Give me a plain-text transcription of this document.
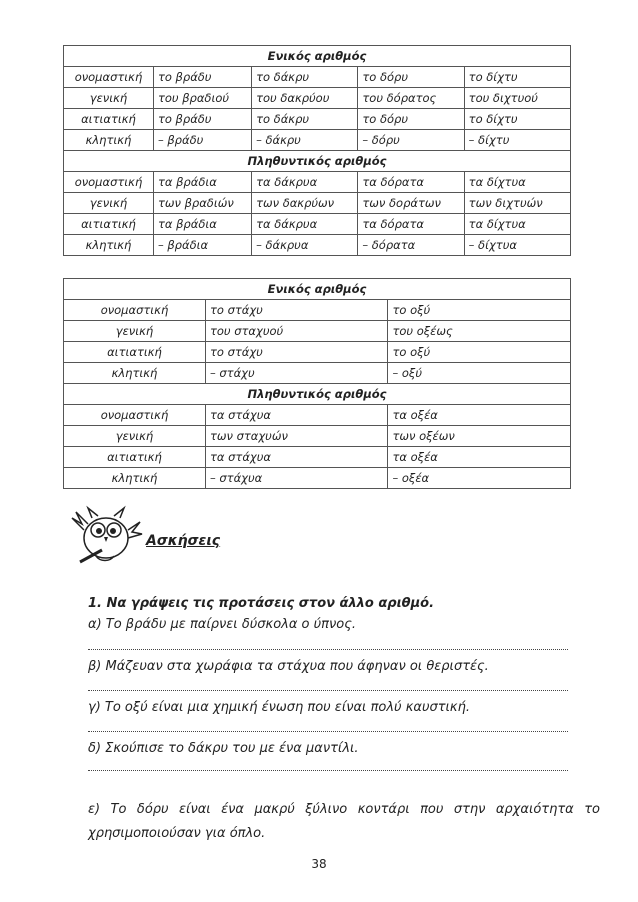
Ενικός αριθμός				
ονομαστική	το βράδυ	το δάκρυ	το δόρυ	το δίχτυ
γενική	του βραδιού	του δακρύου	του δόρατος	του διχτυού
αιτιατική	το βράδυ	το δάκρυ	το δόρυ	το δίχτυ
κλητική	– βράδυ	– δάκρυ	– δόρυ	– δίχτυ
Πληθυντικός αριθμός				
ονομαστική	τα βράδια	τα δάκρυα	τα δόρατα	τα δίχτυα
γενική	των βραδιών	των δακρύων	των δοράτων	των διχτυών
αιτιατική	τα βράδια	τα δάκρυα	τα δόρατα	τα δίχτυα
κλητική	– βράδια	– δάκρυα	– δόρατα	– δίχτυα
Ενικός αριθμός		
ονομαστική	το στάχυ	το οξύ
γενική	του σταχυού	του οξέως
αιτιατική	το στάχυ	το οξύ
κλητική	– στάχυ	– οξύ
Πληθυντικός αριθμός		
ονομαστική	τα στάχυα	τα οξέα
γενική	των σταχυών	των οξέων
αιτιατική	τα στάχυα	τα οξέα
κλητική	– στάχυα	– οξέα
Ασκήσεις
1. Να γράψεις τις προτάσεις στον άλλο αριθμό.
α) Το βράδυ με παίρνει δύσκολα ο ύπνος.
β) Μάζευαν στα χωράφια τα στάχυα που άφηναν οι θεριστές.
γ) Το οξύ είναι μια χημική ένωση που είναι πολύ καυστική.
δ) Σκούπισε το δάκρυ του με ένα μαντίλι.
ε) Το δόρυ είναι ένα μακρύ ξύλινο κοντάρι που στην αρχαιότητα το χρησιμοποιούσαν για όπλο.
38
